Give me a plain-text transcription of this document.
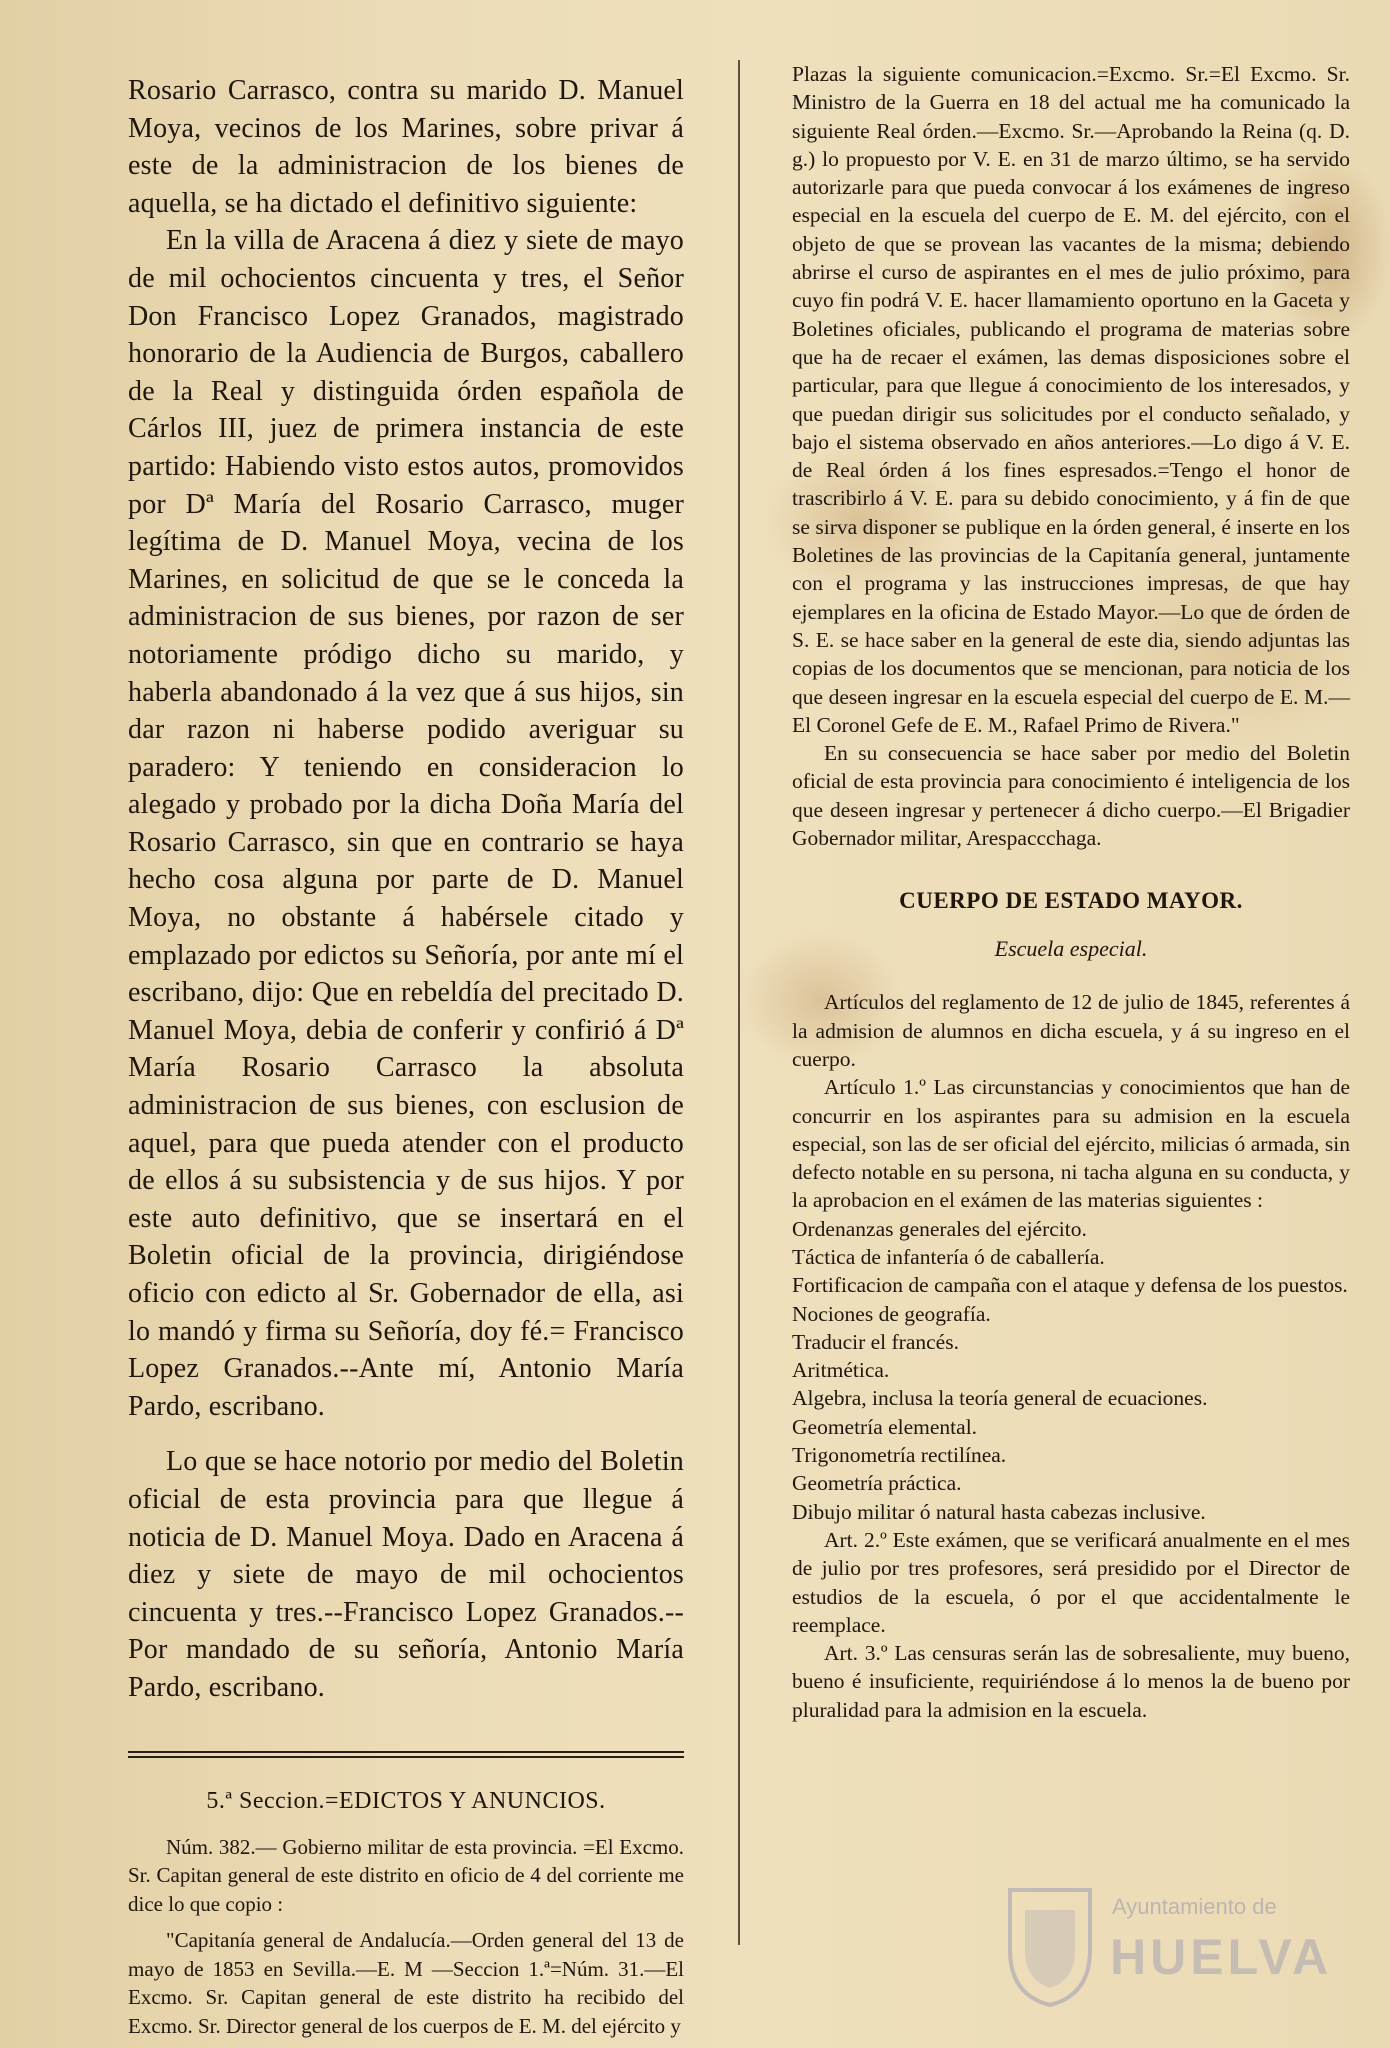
Rosario Carrasco, contra su marido D. Manuel Moya, vecinos de los Marines, sobre privar á este de la administracion de los bienes de aquella, se ha dictado el definitivo siguiente:

En la villa de Aracena á diez y siete de mayo de mil ochocientos cincuenta y tres, el Señor Don Francisco Lopez Granados, magistrado honorario de la Audiencia de Burgos, caballero de la Real y distinguida órden española de Cárlos III, juez de primera instancia de este partido: Habiendo visto estos autos, promovidos por Dª María del Rosario Carrasco, muger legítima de D. Manuel Moya, vecina de los Marines, en solicitud de que se le conceda la administracion de sus bienes, por razon de ser notoriamente pródigo dicho su marido, y haberla abandonado á la vez que á sus hijos, sin dar razon ni haberse podido averiguar su paradero: Y teniendo en consideracion lo alegado y probado por la dicha Doña María del Rosario Carrasco, sin que en contrario se haya hecho cosa alguna por parte de D. Manuel Moya, no obstante á habérsele citado y emplazado por edictos su Señoría, por ante mí el escribano, dijo: Que en rebeldía del precitado D. Manuel Moya, debia de conferir y confirió á Dª María Rosario Carrasco la absoluta administracion de sus bienes, con esclusion de aquel, para que pueda atender con el producto de ellos á su subsistencia y de sus hijos. Y por este auto definitivo, que se insertará en el Boletin oficial de la provincia, dirigiéndose oficio con edicto al Sr. Gobernador de ella, asi lo mandó y firma su Señoría, doy fé.= Francisco Lopez Granados.--Ante mí, Antonio María Pardo, escribano.

Lo que se hace notorio por medio del Boletin oficial de esta provincia para que llegue á noticia de D. Manuel Moya. Dado en Aracena á diez y siete de mayo de mil ochocientos cincuenta y tres.--Francisco Lopez Granados.--Por mandado de su señoría, Antonio María Pardo, escribano.

5.ª Seccion.=EDICTOS Y ANUNCIOS.

Núm. 382.— Gobierno militar de esta provincia. =El Excmo. Sr. Capitan general de este distrito en oficio de 4 del corriente me dice lo que copio :

"Capitanía general de Andalucía.—Orden general del 13 de mayo de 1853 en Sevilla.—E. M —Seccion 1.ª=Núm. 31.—El Excmo. Sr. Capitan general de este distrito ha recibido del Excmo. Sr. Director general de los cuerpos de E. M. del ejército y

Plazas la siguiente comunicacion.=Excmo. Sr.=El Excmo. Sr. Ministro de la Guerra en 18 del actual me ha comunicado la siguiente Real órden.—Excmo. Sr.—Aprobando la Reina (q. D. g.) lo propuesto por V. E. en 31 de marzo último, se ha servido autorizarle para que pueda convocar á los exámenes de ingreso especial en la escuela del cuerpo de E. M. del ejército, con el objeto de que se provean las vacantes de la misma; debiendo abrirse el curso de aspirantes en el mes de julio próximo, para cuyo fin podrá V. E. hacer llamamiento oportuno en la Gaceta y Boletines oficiales, publicando el programa de materias sobre que ha de recaer el exámen, las demas disposiciones sobre el particular, para que llegue á conocimiento de los interesados, y que puedan dirigir sus solicitudes por el conducto señalado, y bajo el sistema observado en años anteriores.—Lo digo á V. E. de Real órden á los fines espresados.=Tengo el honor de trascribirlo á V. E. para su debido conocimiento, y á fin de que se sirva disponer se publique en la órden general, é inserte en los Boletines de las provincias de la Capitanía general, juntamente con el programa y las instrucciones impresas, de que hay ejemplares en la oficina de Estado Mayor.—Lo que de órden de S. E. se hace saber en la general de este dia, siendo adjuntas las copias de los documentos que se mencionan, para noticia de los que deseen ingresar en la escuela especial del cuerpo de E. M.—El Coronel Gefe de E. M., Rafael Primo de Rivera."

En su consecuencia se hace saber por medio del Boletin oficial de esta provincia para conocimiento é inteligencia de los que deseen ingresar y pertenecer á dicho cuerpo.—El Brigadier Gobernador militar, Arespaccchaga.

CUERPO DE ESTADO MAYOR.

Escuela especial.

Artículos del reglamento de 12 de julio de 1845, referentes á la admision de alumnos en dicha escuela, y á su ingreso en el cuerpo.

Artículo 1.º Las circunstancias y conocimientos que han de concurrir en los aspirantes para su admision en la escuela especial, son las de ser oficial del ejército, milicias ó armada, sin defecto notable en su persona, ni tacha alguna en su conducta, y la aprobacion en el exámen de las materias siguientes :

Ordenanzas generales del ejército.
Táctica de infantería ó de caballería.
Fortificacion de campaña con el ataque y defensa de los puestos.
Nociones de geografía.
Traducir el francés.
Aritmética.
Algebra, inclusa la teoría general de ecuaciones.
Geometría elemental.
Trigonometría rectilínea.
Geometría práctica.
Dibujo militar ó natural hasta cabezas inclusive.

Art. 2.º Este exámen, que se verificará anualmente en el mes de julio por tres profesores, será presidido por el Director de estudios de la escuela, ó por el que accidentalmente le reemplace.

Art. 3.º Las censuras serán las de sobresaliente, muy bueno, bueno é insuficiente, requiriéndose á lo menos la de bueno por pluralidad para la admision en la escuela.

Ayuntamiento de
HUELVA
